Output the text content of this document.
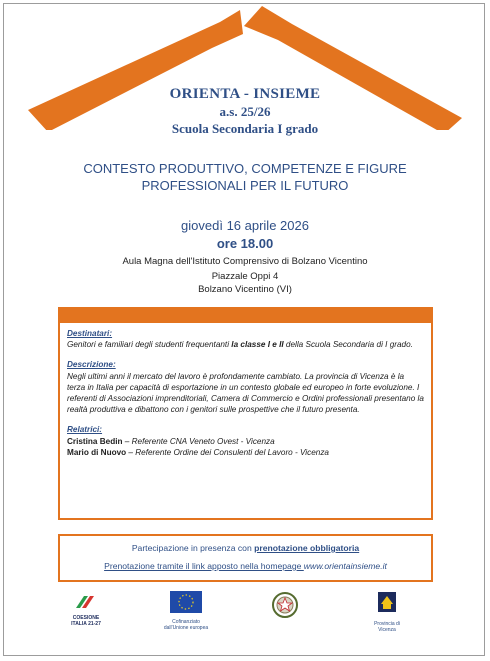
ORIENTA - INSIEME
a.s. 25/26
Scuola Secondaria I grado
CONTESTO PRODUTTIVO, COMPETENZE E FIGURE
PROFESSIONALI PER IL FUTURO
giovedì 16 aprile 2026
ore 18.00
Aula Magna dell'Istituto Comprensivo di Bolzano Vicentino
Piazzale Oppi 4
Bolzano Vicentino (VI)
Destinatari:
Genitori e familiari degli studenti frequentanti la classe I e II della Scuola Secondaria di I grado.
Descrizione:
Negli ultimi anni il mercato del lavoro è profondamente cambiato. La provincia di Vicenza è la terza in Italia per capacità di esportazione in un contesto globale ed europeo in forte evoluzione. I referenti di Associazioni imprenditoriali, Camera di Commercio e Ordini professionali presentano la realtà produttiva e dibattono con i genitori sulle prospettive che il futuro presenta.
Relatrici:
Cristina Bedin – Referente CNA Veneto Ovest - Vicenza
Mario di Nuovo – Referente Ordine dei Consulenti del Lavoro - Vicenza
Partecipazione in presenza con prenotazione obbligatoria
Prenotazione tramite il link apposto nella homepage www.orientainsieme.it
COESIONE
ITALIA 21-27	Cofinanziato dall'Unione europea
Provincia di Vicenza
